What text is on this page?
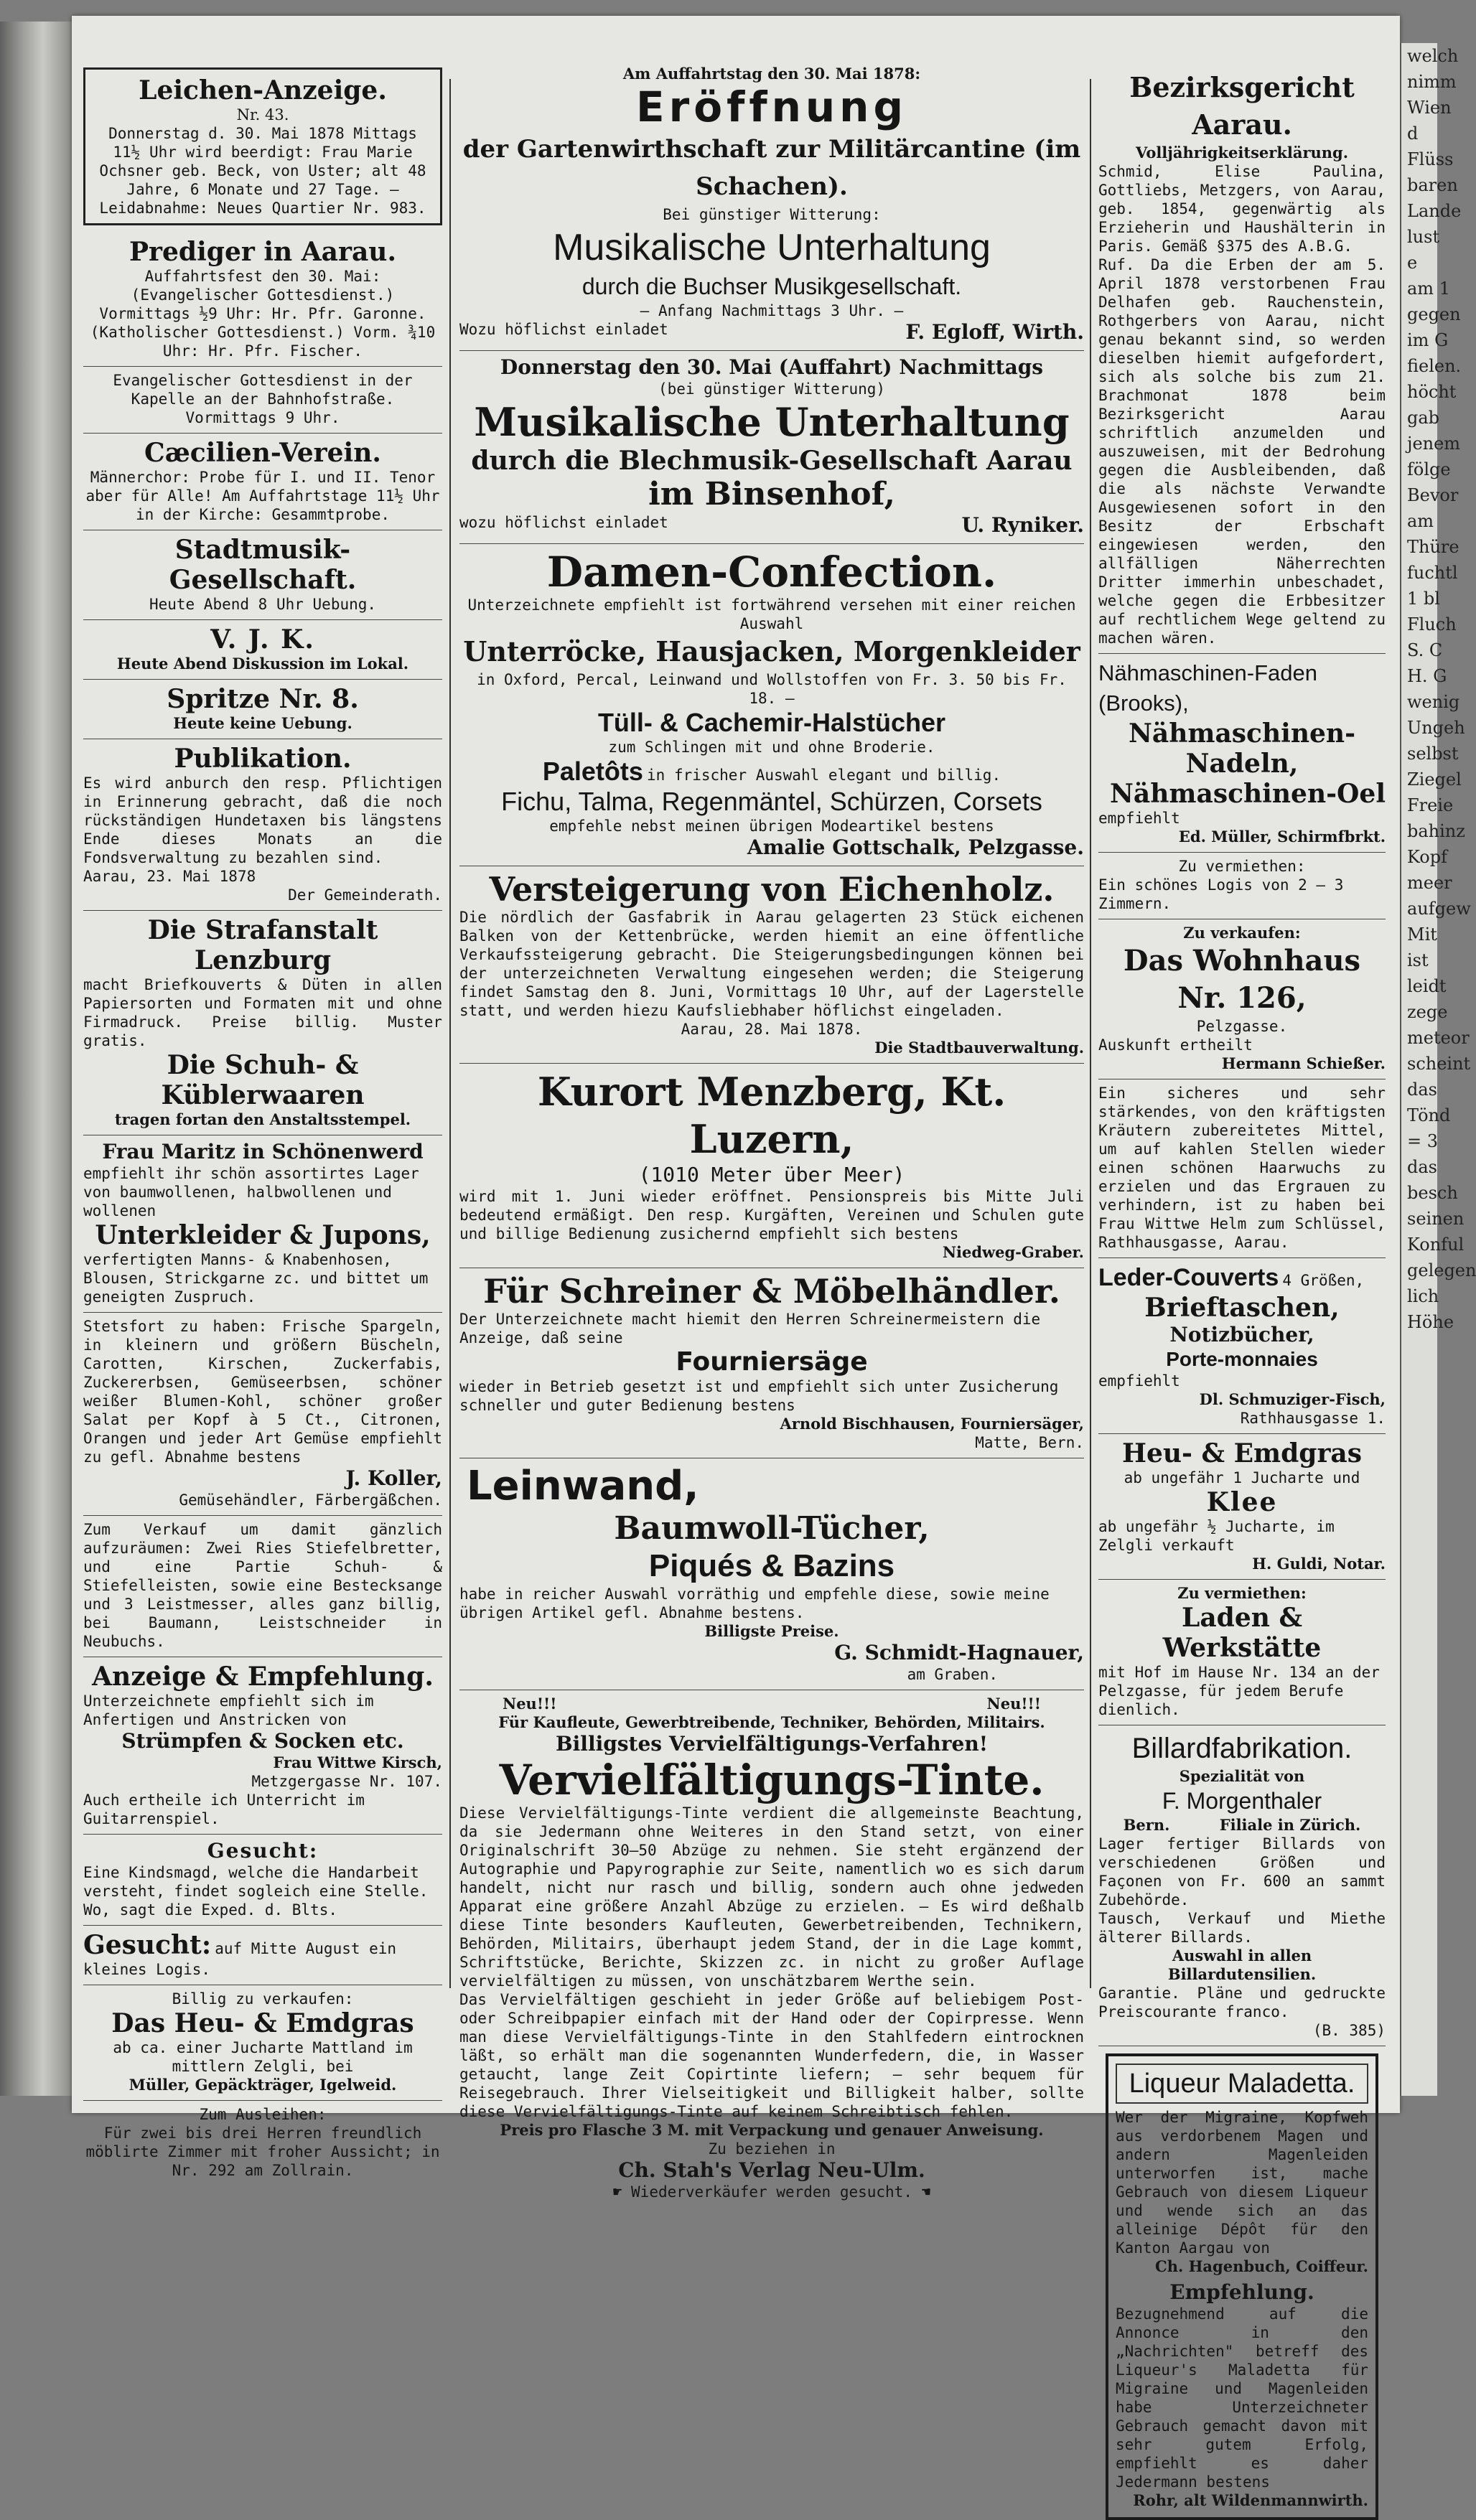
Leichen-Anzeige.
Nr. 43.
Donnerstag d. 30. Mai 1878 Mittags 11½ Uhr wird beerdigt: Frau Marie Ochsner geb. Beck, von Uster; alt 48 Jahre, 6 Monate und 27 Tage. — Leidabnahme: Neues Quartier Nr. 983.
Prediger in Aarau.
Auffahrtsfest den 30. Mai: (Evangelischer Gottesdienst.) Vormittags ½9 Uhr: Hr. Pfr. Garonne. (Katholischer Gottesdienst.) Vorm. ¾10 Uhr: Hr. Pfr. Fischer.
Evangelischer Gottesdienst in der Kapelle an der Bahnhofstraße. Vormittags 9 Uhr.
Cæcilien-Verein.
Männerchor: Probe für I. und II. Tenor aber für Alle! Am Auffahrtstage 11½ Uhr in der Kirche: Gesammtprobe.
Stadtmusik-Gesellschaft.
Heute Abend 8 Uhr Uebung.
V. J. K.
Heute Abend Diskussion im Lokal.
Spritze Nr. 8.
Heute keine Uebung.
Publikation.
Es wird anburch den resp. Pflichtigen in Erinnerung gebracht, daß die noch rückständigen Hundetaxen bis längstens Ende dieses Monats an die Fondsverwaltung zu bezahlen sind.
Aarau, 23. Mai 1878
Der Gemeinderath.
Die Strafanstalt Lenzburg
macht Briefkouverts & Düten in allen Papiersorten und Formaten mit und ohne Firmadruck. Preise billig. Muster gratis.
Die Schuh- & Küblerwaaren
tragen fortan den Anstaltsstempel.
Frau Maritz in Schönenwerd
empfiehlt ihr schön assortirtes Lager von baumwollenen, halbwollenen und wollenen
Unterkleider & Jupons,
verfertigten Manns- & Knabenhosen, Blousen, Strickgarne zc. und bittet um geneigten Zuspruch.
Stetsfort zu haben: Frische Spargeln, in kleinern und größern Büscheln, Carotten, Kirschen, Zuckerfabis, Zuckererbsen, Gemüseerbsen, schöner weißer Blumen-Kohl, schöner großer Salat per Kopf à 5 Ct., Citronen, Orangen und jeder Art Gemüse empfiehlt zu gefl. Abnahme bestens
J. Koller,
Gemüsehändler, Färbergäßchen.
Zum Verkauf um damit gänzlich aufzuräumen: Zwei Ries Stiefelbretter, und eine Partie Schuh- & Stiefelleisten, sowie eine Bestecksange und 3 Leistmesser, alles ganz billig, bei Baumann, Leistschneider in Neubuchs.
Anzeige & Empfehlung.
Unterzeichnete empfiehlt sich im Anfertigen und Anstricken von
Strümpfen & Socken etc.
Frau Wittwe Kirsch,
Metzgergasse Nr. 107.
Auch ertheile ich Unterricht im Guitarrenspiel.
Gesucht:
Eine Kindsmagd, welche die Handarbeit versteht, findet sogleich eine Stelle. Wo, sagt die Exped. d. Blts.
Gesucht: auf Mitte August ein kleines Logis.
Billig zu verkaufen:
Das Heu- & Emdgras
ab ca. einer Jucharte Mattland im mittlern Zelgli, bei
Müller, Gepäckträger, Igelweid.
Zum Ausleihen:
Für zwei bis drei Herren freundlich möblirte Zimmer mit froher Aussicht; in Nr. 292 am Zollrain.
Am Auffahrtstag den 30. Mai 1878:
Eröffnung
der Gartenwirthschaft zur Militärcantine (im Schachen).
Bei günstiger Witterung:
Musikalische Unterhaltung
durch die Buchser Musikgesellschaft.
— Anfang Nachmittags 3 Uhr. —
Wozu höflichst einladet	F. Egloff, Wirth.
Donnerstag den 30. Mai (Auffahrt) Nachmittags
(bei günstiger Witterung)
Musikalische Unterhaltung
durch die Blechmusik-Gesellschaft Aarau
im Binsenhof,
wozu höflichst einladet	U. Ryniker.
Damen-Confection.
Unterzeichnete empfiehlt ist fortwährend versehen mit einer reichen Auswahl
Unterröcke, Hausjacken, Morgenkleider
in Oxford, Percal, Leinwand und Wollstoffen von Fr. 3. 50 bis Fr. 18. —
Tüll- & Cachemir-Halstücher
zum Schlingen mit und ohne Broderie.
Paletôts in frischer Auswahl elegant und billig.
Fichu, Talma, Regenmäntel, Schürzen, Corsets
empfehle nebst meinen übrigen Modeartikel bestens
Amalie Gottschalk, Pelzgasse.
Versteigerung von Eichenholz.
Die nördlich der Gasfabrik in Aarau gelagerten 23 Stück eichenen Balken von der Kettenbrücke, werden hiemit an eine öffentliche Verkaufssteigerung gebracht. Die Steigerungsbedingungen können bei der unterzeichneten Verwaltung eingesehen werden; die Steigerung findet Samstag den 8. Juni, Vormittags 10 Uhr, auf der Lagerstelle statt, und werden hiezu Kaufsliebhaber höflichst eingeladen.
Aarau, 28. Mai 1878.
Die Stadtbauverwaltung.
Kurort Menzberg, Kt. Luzern,
(1010 Meter über Meer)
wird mit 1. Juni wieder eröffnet. Pensionspreis bis Mitte Juli bedeutend ermäßigt. Den resp. Kurgäften, Vereinen und Schulen gute und billige Bedienung zusichernd empfiehlt sich bestens
Niedweg-Graber.
Für Schreiner & Möbelhändler.
Der Unterzeichnete macht hiemit den Herren Schreinermeistern die Anzeige, daß seine
Fourniersäge
wieder in Betrieb gesetzt ist und empfiehlt sich unter Zusicherung schneller und guter Bedienung bestens
Arnold Bischhausen, Fourniersäger,
Matte, Bern.
Leinwand,
Baumwoll-Tücher,
Piqués & Bazins
habe in reicher Auswahl vorräthig und empfehle diese, sowie meine übrigen Artikel gefl. Abnahme bestens.
Billigste Preise.
G. Schmidt-Hagnauer,
am Graben.
Neu!!!	Neu!!!
Für Kaufleute, Gewerbtreibende, Techniker, Behörden, Militairs.
Billigstes Vervielfältigungs-Verfahren!
Vervielfältigungs-Tinte.
Diese Vervielfältigungs-Tinte verdient die allgemeinste Beachtung, da sie Jedermann ohne Weiteres in den Stand setzt, von einer Originalschrift 30—50 Abzüge zu nehmen. Sie steht ergänzend der Autographie und Papyrographie zur Seite, namentlich wo es sich darum handelt, nicht nur rasch und billig, sondern auch ohne jedweden Apparat eine größere Anzahl Abzüge zu erzielen. — Es wird deßhalb diese Tinte besonders Kaufleuten, Gewerbetreibenden, Technikern, Behörden, Militairs, überhaupt jedem Stand, der in die Lage kommt, Schriftstücke, Berichte, Skizzen zc. in nicht zu großer Auflage vervielfältigen zu müssen, von unschätzbarem Werthe sein.
Das Vervielfältigen geschieht in jeder Größe auf beliebigem Post- oder Schreibpapier einfach mit der Hand oder der Copirpresse. Wenn man diese Vervielfältigungs-Tinte in den Stahlfedern eintrocknen läßt, so erhält man die sogenannten Wunderfedern, die, in Wasser getaucht, lange Zeit Copirtinte liefern; — sehr bequem für Reisegebrauch. Ihrer Vielseitigkeit und Billigkeit halber, sollte diese Vervielfältigungs-Tinte auf keinem Schreibtisch fehlen.
Preis pro Flasche 3 M. mit Verpackung und genauer Anweisung.
Zu beziehen in
Ch. Stah's Verlag Neu-Ulm.
☛ Wiederverkäufer werden gesucht. ☚
Bezirksgericht Aarau.
Volljährigkeitserklärung.
Schmid, Elise Paulina, Gottliebs, Metzgers, von Aarau, geb. 1854, gegenwärtig als Erzieherin und Haushälterin in Paris. Gemäß §375 des A.B.G.
Ruf. Da die Erben der am 5. April 1878 verstorbenen Frau Delhafen geb. Rauchenstein, Rothgerbers von Aarau, nicht genau bekannt sind, so werden dieselben hiemit aufgefordert, sich als solche bis zum 21. Brachmonat 1878 beim Bezirksgericht Aarau schriftlich anzumelden und auszuweisen, mit der Bedrohung gegen die Ausbleibenden, daß die als nächste Verwandte Ausgewiesenen sofort in den Besitz der Erbschaft eingewiesen werden, den allfälligen Näherrechten Dritter immerhin unbeschadet, welche gegen die Erbbesitzer auf rechtlichem Wege geltend zu machen wären.
Nähmaschinen-Faden (Brooks),
Nähmaschinen-Nadeln,
Nähmaschinen-Oel
empfiehlt
Ed. Müller, Schirmfbrkt.
Zu vermiethen:
Ein schönes Logis von 2 — 3 Zimmern.
Zu verkaufen:
Das Wohnhaus Nr. 126,
Pelzgasse.
Auskunft ertheilt
Hermann Schießer.
Ein sicheres und sehr stärkendes, von den kräftigsten Kräutern zubereitetes Mittel, um auf kahlen Stellen wieder einen schönen Haarwuchs zu erzielen und das Ergrauen zu verhindern, ist zu haben bei Frau Wittwe Helm zum Schlüssel, Rathhausgasse, Aarau.
Leder-Couverts 4 Größen,
Brieftaschen,
Notizbücher,
Porte-monnaies
empfiehlt
Dl. Schmuziger-Fisch,
Rathhausgasse 1.
Heu- & Emdgras
ab ungefähr 1 Jucharte und
Klee
ab ungefähr ½ Jucharte, im Zelgli verkauft
H. Guldi, Notar.
Zu vermiethen:
Laden & Werkstätte
mit Hof im Hause Nr. 134 an der Pelzgasse, für jedem Berufe dienlich.
Billardfabrikation.
Spezialität von
F. Morgenthaler
Bern.	Filiale in Zürich.
Lager fertiger Billards von verschiedenen Größen und Façonen von Fr. 600 an sammt Zubehörde.
Tausch, Verkauf und Miethe älterer Billards.
Auswahl in allen Billardutensilien.
Garantie. Pläne und gedruckte Preiscourante franco.
(B. 385)
Liqueur Maladetta.
Wer der Migraine, Kopfweh aus verdorbenem Magen und andern Magenleiden unterworfen ist, mache Gebrauch von diesem Liqueur und wende sich an das alleinige Dépôt für den Kanton Aargau von
Ch. Hagenbuch, Coiffeur.
Empfehlung.
Bezugnehmend auf die Annonce in den „Nachrichten" betreff des Liqueur's Maladetta für Migraine und Magenleiden habe Unterzeichneter Gebrauch gemacht davon mit sehr gutem Erfolg, empfiehlt es daher Jedermann bestens
Rohr, alt Wildenmannwirth.
welch
nimm
Wien
d
Flüss
baren
Lande
lust
e
am 1
gegen
im G
fielen.
höcht
gab
jenem
fölge
Bevor
am
Thüre
fuchtl
1 bl
Fluch
S. C
H. G
wenig
Ungeh
selbst
Ziegel
Freie
bahinz
Kopf
meer
aufgew
Mit
ist
leidt
zege
meteor
scheint
das
Tönd
= 3
das
besch
seinen
Konful
gelegen
lich
Höhe
